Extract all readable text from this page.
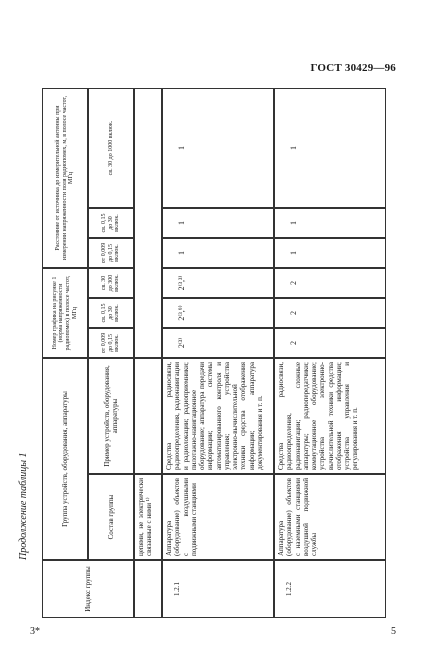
ГОСТ 30429—96
Продолжение таблицы 1
3*	5
Индекс группы
Группа устройств, оборудования, аппаратуры	Состав группы
Пример устройств, оборудования, аппаратуры
Номер графика на рисунке 1 (норма напряженности радиопомех) в полосе частот, МГц
от 0,009 до 0,15 вклюк.
св. 0,15 до 30 вклюк.
св. 30 до 300 вклюк.
Расстояние от источника до измерительной антенны при измерении напряженности поля радиопомех, м, в полосе частот, МГц
от 0,009 до 0,15 вклюк.
св. 0,15 до 30 вклюк.
св. 30 до 1000 вклюк.
цепями, не электрически связанные с ними ¹⁾
1.2.1
Аппаратура (оборудование) объектов с воздушными подвижными станциями
Средства радиосвязи, радиоопределения, радионавигации и радиолокации; радиоприемники; пилотажно-навигационное оборудование; аппаратура передачи информации; системы автоматизированного контроля и управления; устройства электронно-вычислительной техники средства отображения информации; аппаратура документирования и т. п.
2⁽³⁾
2⁽³,⁹⁾
2⁽³,³⁾
1
1
1
1.2.2
Аппаратура (оборудование) объектов с наземными станциями воздушной подвижной службы
Средства радиосвязи, радиоопределения, радионавигации; сложные аппаратуры; радиопередатчики; коммутационное оборудование; устройства электронно-вычислительной техники средства отображения информации; устройства управления и регулирования и т. п.
2
2
2
1
1
1
